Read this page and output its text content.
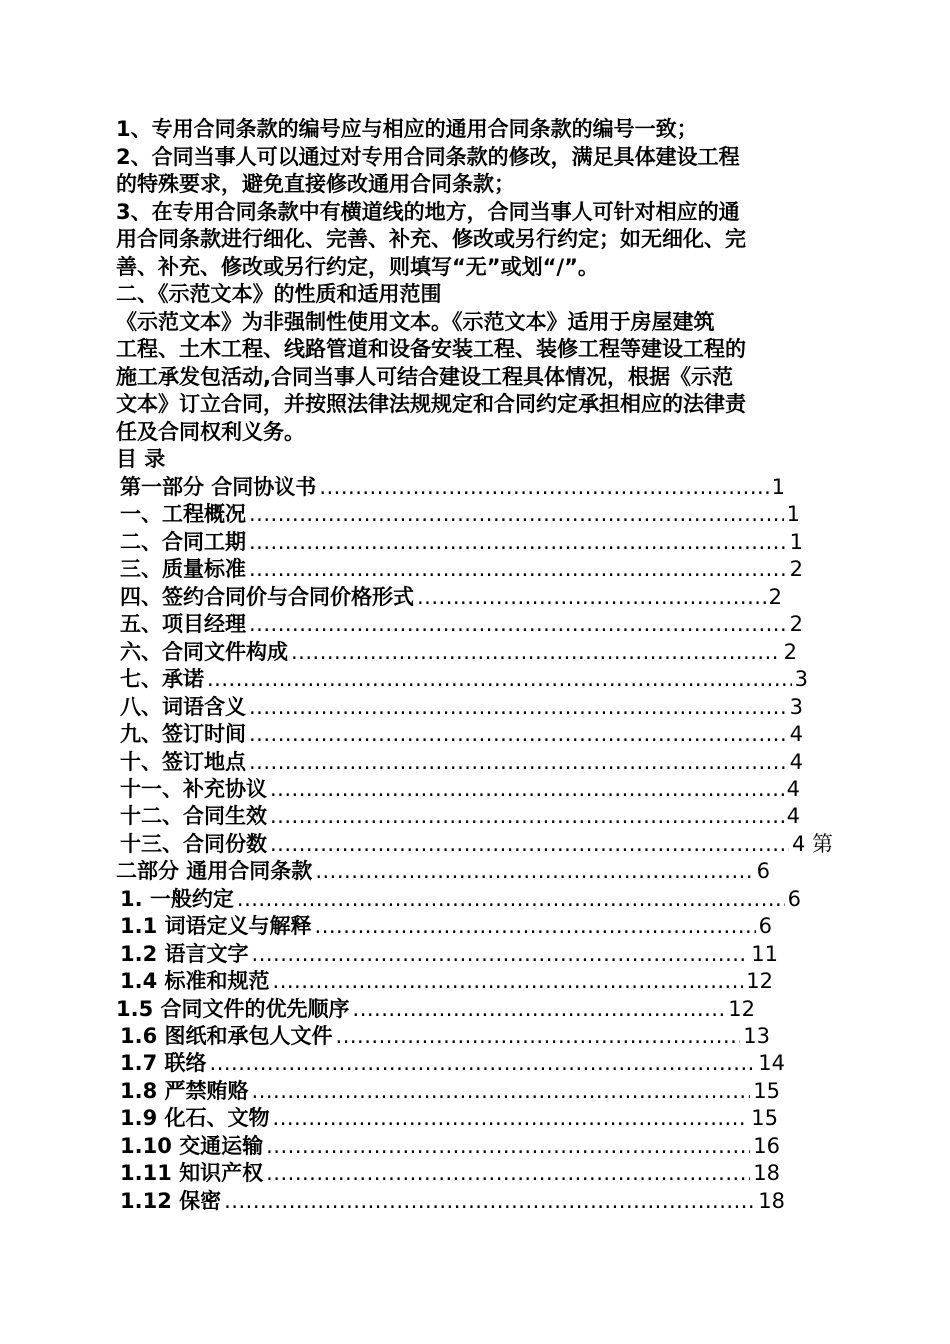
1、专用合同条款的编号应与相应的通用合同条款的编号一致；

2、合同当事人可以通过对专用合同条款的修改，满足具体建设工程

的特殊要求，避免直接修改通用合同条款；

3、在专用合同条款中有横道线的地方，合同当事人可针对相应的通

用合同条款进行细化、完善、补充、修改或另行约定；如无细化、完

善、补充、修改或另行约定，则填写“无”或划“/”。

二、《示范文本》的性质和适用范围

《示范文本》为非强制性使用文本。《示范文本》适用于房屋建筑

工程、土木工程、线路管道和设备安装工程、装修工程等建设工程的

施工承发包活动,合同当事人可结合建设工程具体情况，根据《示范

文本》订立合同，并按照法律法规规定和合同约定承担相应的法律责

任及合同权利义务。

目 录
第一部分 合同协议书 .....	1
一、工程概况 .....	1
二、合同工期 .....	1
三、质量标准 .....	2
四、签约合同价与合同价格形式 .....	2
五、项目经理 .....	2
六、合同文件构成 .....	2
七、承诺 .....	3
八、词语含义 .....	3
九、签订时间 .....	4
十、签订地点 .....	4
十一、补充协议 .....	4
十二、合同生效 .....	4
十三、合同份数 .....	4 第
二部分 通用合同条款 .....	6
1. 一般约定 .....	6
1.1 词语定义与解释 .....	6
1.2 语言文字 .....	11
1.4 标准和规范 .....	12
1.5 合同文件的优先顺序 .....	12
1.6 图纸和承包人文件 .....	13
1.7 联络 .....	14
1.8 严禁贿赂 .....	15
1.9 化石、文物 .....	15
1.10 交通运输 .....	16
1.11 知识产权 .....	18
1.12 保密 .....	18
